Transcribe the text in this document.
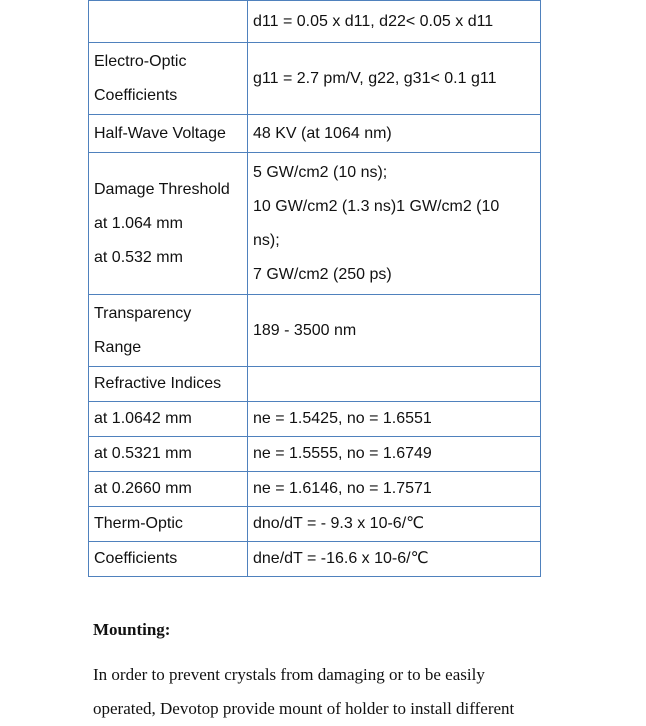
	d11 = 0.05 x d11, d22< 0.05 x d11

Electro-Optic
Coefficients	g11 = 2.7 pm/V, g22, g31< 0.1 g11

Half-Wave Voltage	48 KV (at 1064 nm)

Damage Threshold
at 1.064 mm
at 0.532 mm	5 GW/cm2 (10 ns);
10 GW/cm2 (1.3 ns)1 GW/cm2 (10
ns);
7 GW/cm2 (250 ps)

Transparency
Range	189 - 3500 nm

Refractive Indices	

at 1.0642 mm	ne = 1.5425, no = 1.6551

at 0.5321 mm	ne = 1.5555, no = 1.6749

at 0.2660 mm	ne = 1.6146, no = 1.7571

Therm-Optic	dno/dT = - 9.3 x 10-6/℃

Coefficients	dne/dT = -16.6 x 10-6/℃
Mounting:
In order to prevent crystals from damaging or to be easily
operated, Devotop provide mount of holder to install different
